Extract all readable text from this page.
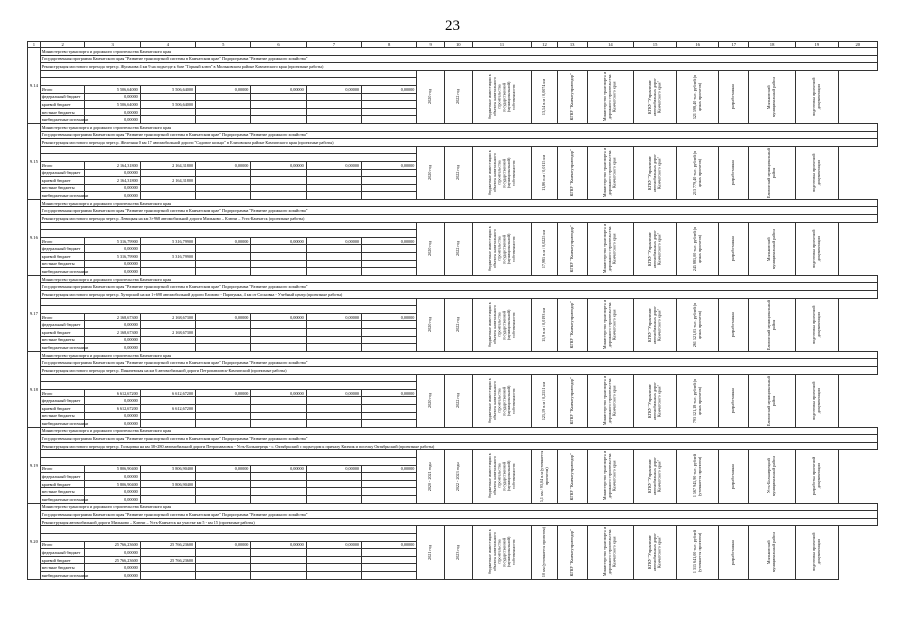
23
1	2	3	4	5	6	7	8	9	10	11	12	13	14	15	16	17	18	19	20
9.14	Министерство транспорта и дорожного строительства Камчатского края																		
	Государственная программа Камчатского края "Развитие транспортной системы в Камчатском крае" Подпрограмма "Развитие дорожного хозяйства"																		
	Реконструкция мостового перехода через р. Жупанова 4 км 9 на подъезде к базе "Горный ключ" в Мильковском районе Камчатского края (проектные работы)																		

								2020 год	2022 год	бюджетные инвестиции в объекты капитального строительства государственной (муниципальной) собственности	13,54 п.м / 0,0074 км	КГКУ "Камчатуправтодор"	Министерство транспорта и дорожного строительства Камчатского края	КГКУ "Управление автомобильных дорог Камчатского края"	521 598,40 тыс. рублей (в ценах проектов)	разработанная	Мильковский муниципальный район	подготовка проектной документации	

	Итого	5 506,64000	5 506,64000	0,00000	0,00000	0,00000	0,00000												
	федеральный бюджет	0,00000																	
	краевой бюджет	5 506,64000	5 506,64000																
	местные бюджеты	0,00000																	
	внебюджетные источники	0,00000																	
9.15	Министерство транспорта и дорожного строительства Камчатского края																		
	Государственная программа Камчатского края "Развитие транспортной системы в Камчатском крае" Подпрограмма "Развитие дорожного хозяйства"																		
	Реконструкция мостового перехода через р. Железная 0 км 17 автомобильной дороги "Садовое кольцо" в Елизовском районе Камчатского края (проектные работы)																		

								2020 год	2022 год	бюджетные инвестиции в объекты капитального строительства государственной (муниципальной) собственности	11,86 п.м / 0,0115 км	КГКУ "Камчатуправтодор"	Министерство транспорта и дорожного строительства Камчатского края	КГКУ "Управление автомобильных дорог Камчатского края"	213 779,40 тыс. рублей (в ценах проектов)	разработанная	Елизовский муниципальный район	подготовка проектной документации	

	Итого	2 164,31800	2 164,31800	0,00000	0,00000	0,00000	0,00000												
	федеральный бюджет	0,00000																	
	краевой бюджет	2 164,31800	2 164,31800																
	местные бюджеты	0,00000																	
	внебюджетные источники	0,00000																	
9.16	Министерство транспорта и дорожного строительства Камчатского края																		
	Государственная программа Камчатского края "Развитие транспортной системы в Камчатском крае" Подпрограмма "Развитие дорожного хозяйства"																		
	Реконструкция мостового перехода через р. Левицкая на км 3+968 автомобильной дороги Мильково – Ключи – Усть-Камчатск (проектные работы)																		

								2020 год	2022 год	бюджетные инвестиции в объекты капитального строительства государственной (муниципальной) собственности	17,985 п.м / 0,0225 км	КГКУ "Камчатуправтодор"	Министерство транспорта и дорожного строительства Камчатского края	КГКУ "Управление автомобильных дорог Камчатского края"	245 885,00 тыс. рублей (в ценах проектов)	разработанная	Мильковский муниципальный район	подготовка проектной документации	

	Итого	5 316,79900	5 316,79900	0,00000	0,00000	0,00000	0,00000												
	федеральный бюджет	0,00000																	
	краевой бюджет	5 316,79900	5 316,79900																
	местные бюджеты	0,00000																	
	внебюджетные источники	0,00000																	
9.17	Министерство транспорта и дорожного строительства Камчатского края																		
	Государственная программа Камчатского края "Развитие транспортной системы в Камчатском крае" Подпрограмма "Развитие дорожного хозяйства"																		
	Реконструкция мостового перехода через р. Хуторской на км 1+698 автомобильной дороги Елизово - Паратунка, 4 км от Сосновка - Учебный центр (проектные работы)																		

								2020 год	2022 год	бюджетные инвестиции в объекты капитального строительства государственной (муниципальной) собственности	11,9 п.м / 0,0193 км	КГКУ "Камчатуправтодор"	Министерство транспорта и дорожного строительства Камчатского края	КГКУ "Управление автомобильных дорог Камчатского края"	261 521,05 тыс. рублей (в ценах проектов)	разработанная	Елизовский муниципальный район	подготовка проектной документации	

	Итого	2 168,67300	2 168,67300	0,00000	0,00000	0,00000	0,00000												
	федеральный бюджет	0,00000																	
	краевой бюджет	2 168,67300	2 168,67300																
	местные бюджеты	0,00000																	
	внебюджетные источники	0,00000																	
9.18	Министерство транспорта и дорожного строительства Камчатского края																		
	Государственная программа Камчатского края "Развитие транспортной системы в Камчатском крае" Подпрограмма "Развитие дорожного хозяйства"																		
	Реконструкция мостового перехода через р. Пиначевская на км 6 автомобильной дороги Петропавловск-Камчатский (проектные работы)																		

								2020 год	2022 год	бюджетные инвестиции в объекты капитального строительства государственной (муниципальной) собственности	125,19 п.м / 0,2551 км	КГКУ "Камчатуправтодор"	Министерство транспорта и дорожного строительства Камчатского края	КГКУ "Управление автомобильных дорог Камчатского края"	793 121,18 тыс. рублей (в ценах проектов)	разработанная	Елизовский муниципальный район	подготовка проектной документации	

	Итого	6 612,67200	6 612,67200	0,00000	0,00000	0,00000	0,00000												
	федеральный бюджет	0,00000																	
	краевой бюджет	6 612,67200	6 612,67200																
	местные бюджеты	0,00000																	
	внебюджетные источники	0,00000																	
9.19	Министерство транспорта и дорожного строительства Камчатского края																		
	Государственная программа Камчатского края "Развитие транспортной системы в Камчатском крае" Подпрограмма "Развитие дорожного хозяйства"																		
	Реконструкция мостового перехода через р. Гольцовка на км 38+280 автомобильной дороги Петропавловск - Усть-Большерецк - с. Октябрьский с подъездом к причалу Кихчик и поселку Октябрьский (проектные работы)																		

								2020 - 2021 годы	2022 - 2023 годы	бюджетные инвестиции в объекты капитального строительства государственной (муниципальной) собственности	5,1 км / 93,04 п.м (уточняется проектом)	КГКУ "Камчатуправтодор"	Министерство транспорта и дорожного строительства Камчатского края	КГКУ "Управление автомобильных дорог Камчатского края"	1 567 945,90 тыс. рублей (уточняется проектом)	разработанная	Усть-Большерецкий муниципальный район	разработка проектной документации	

	Итого	5 806,90400	5 806,90400	0,00000	0,00000	0,00000	0,00000												
	федеральный бюджет	0,00000																	
	краевой бюджет	5 806,90400	5 806,90400																
	местные бюджеты	0,00000																	
	внебюджетные источники	0,00000																	
9.20	Министерство транспорта и дорожного строительства Камчатского края																		
	Государственная программа Камчатского края "Развитие транспортной системы в Камчатском крае" Подпрограмма "Развитие дорожного хозяйства"																		
	Реконструкция автомобильной дороги Мильково – Ключи – Усть-Камчатск на участке км 5 - км 15 (проектные работы)																		

								2021 год	2023 год	бюджетные инвестиции в объекты капитального строительства государственной (муниципальной) собственности	10 км (уточняется проектом)	КГКУ "Камчатуправтодор"	Министерство транспорта и дорожного строительства Камчатского края	КГКУ "Управление автомобильных дорог Камчатского края"	1 315 641,00 тыс. рублей (уточняется проектом)	разработанная	Мильковский муниципальный район	подготовка проектной документации	

	Итого	25 766,23600	25 766,23600	0,00000	0,00000	0,00000	0,00000												
	федеральный бюджет	0,00000																	
	краевой бюджет	25 766,23600	25 766,23600																
	местные бюджеты	0,00000																	
	внебюджетные источники	0,00000																	
